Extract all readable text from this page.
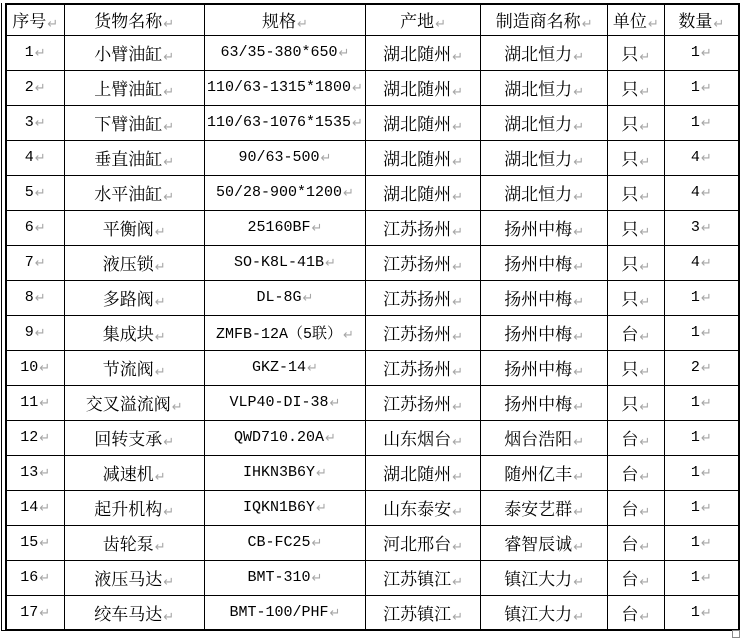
序号↵	货物名称↵	规格↵	产地↵	制造商名称↵	单位↵	数量↵
1↵	小臂油缸↵	63/35-380*650↵	湖北随州↵	湖北恒力↵	只↵	1↵
2↵	上臂油缸↵	110/63-1315*1800↵	湖北随州↵	湖北恒力↵	只↵	1↵
3↵	下臂油缸↵	110/63-1076*1535↵	湖北随州↵	湖北恒力↵	只↵	1↵
4↵	垂直油缸↵	90/63-500↵	湖北随州↵	湖北恒力↵	只↵	4↵
5↵	水平油缸↵	50/28-900*1200↵	湖北随州↵	湖北恒力↵	只↵	4↵
6↵	平衡阀↵	25160BF↵	江苏扬州↵	扬州中梅↵	只↵	3↵
7↵	液压锁↵	SO-K8L-41B↵	江苏扬州↵	扬州中梅↵	只↵	4↵
8↵	多路阀↵	DL-8G↵	江苏扬州↵	扬州中梅↵	只↵	1↵
9↵	集成块↵	ZMFB-12A（5联）↵	江苏扬州↵	扬州中梅↵	台↵	1↵
10↵	节流阀↵	GKZ-14↵	江苏扬州↵	扬州中梅↵	只↵	2↵
11↵	交叉溢流阀↵	VLP40-DI-38↵	江苏扬州↵	扬州中梅↵	只↵	1↵
12↵	回转支承↵	QWD710.20A↵	山东烟台↵	烟台浩阳↵	台↵	1↵
13↵	减速机↵	IHKN3B6Y↵	湖北随州↵	随州亿丰↵	台↵	1↵
14↵	起升机构↵	IQKN1B6Y↵	山东泰安↵	泰安艺群↵	台↵	1↵
15↵	齿轮泵↵	CB-FC25↵	河北邢台↵	睿智辰诚↵	台↵	1↵
16↵	液压马达↵	BMT-310↵	江苏镇江↵	镇江大力↵	台↵	1↵
17↵	绞车马达↵	BMT-100/PHF↵	江苏镇江↵	镇江大力↵	台↵	1↵
